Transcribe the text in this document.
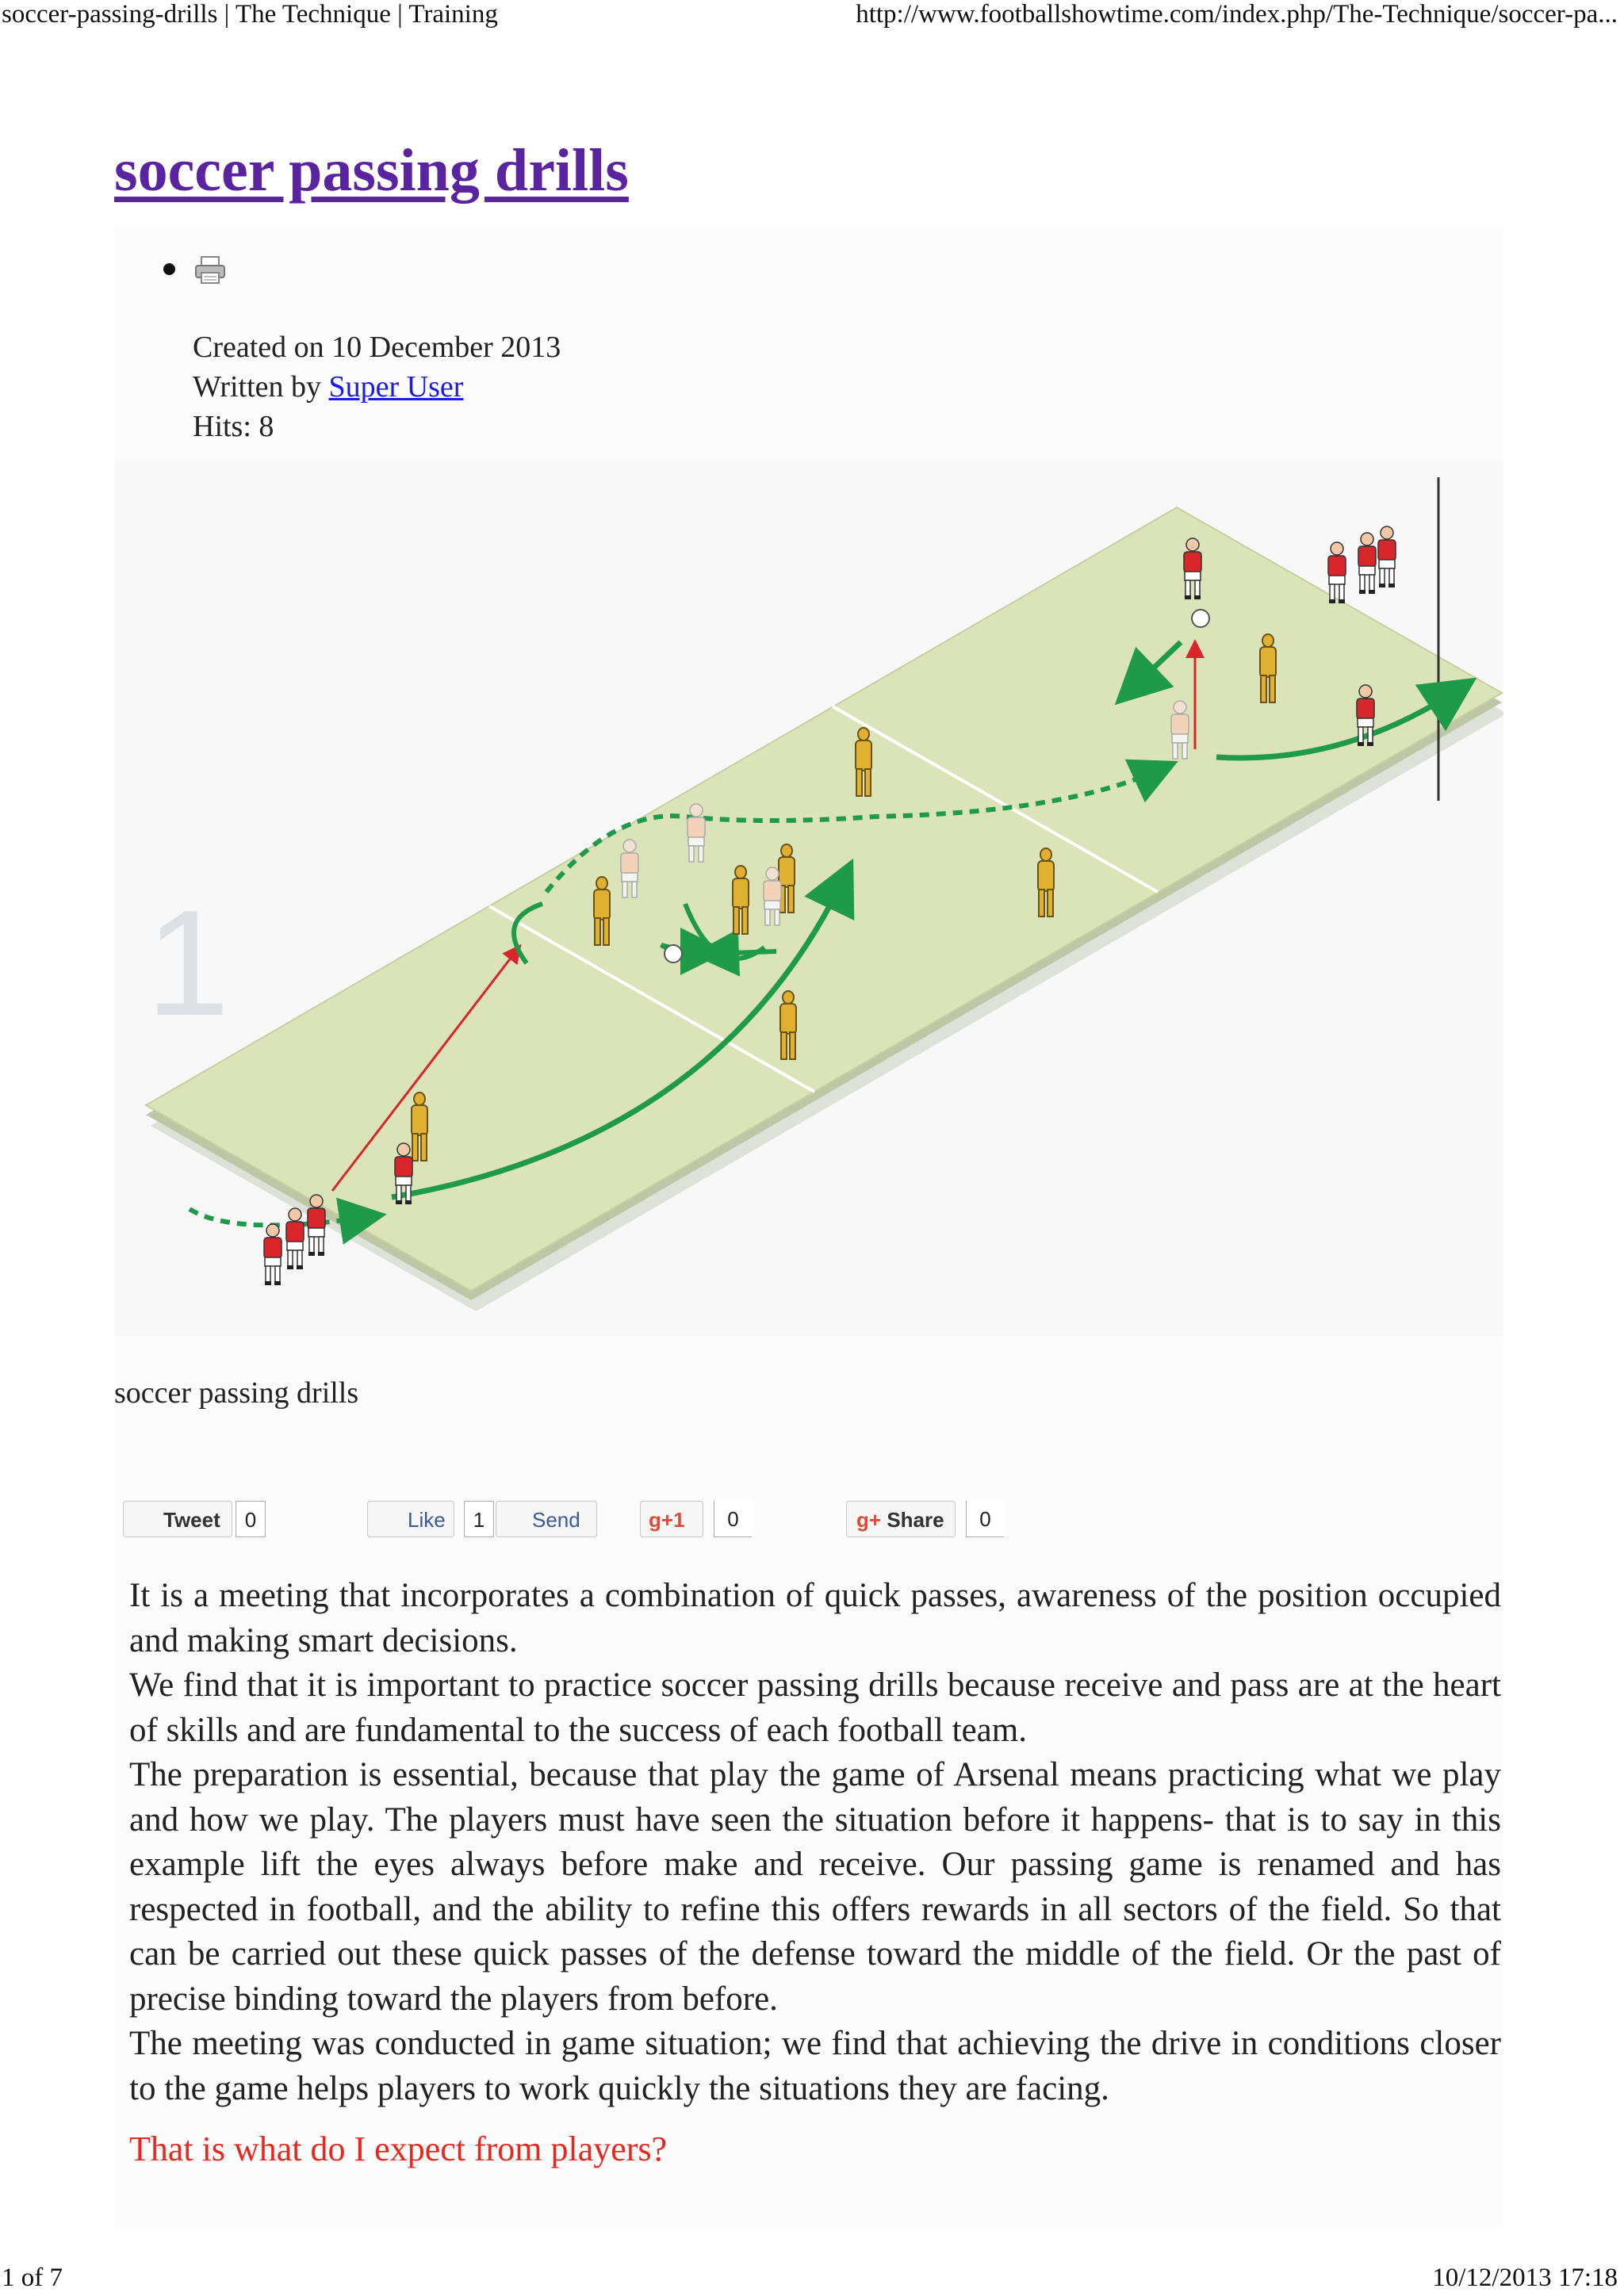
soccer-passing-drills | The Technique | Training	http://www.footballshowtime.com/index.php/The-Technique/soccer-pa...
soccer passing drills
Created on 10 December 2013
Written by Super User
Hits: 8
1
soccer passing drills
Tweet	0	Like	1	Send	g+1	0	g+ Share	0

It is a meeting that incorporates a combination of quick passes, awareness of the position occupied and making smart decisions.

We find that it is important to practice soccer passing drills because receive and pass are at the heart of skills and are fundamental to the success of each football team.

The preparation is essential, because that play the game of Arsenal means practicing what we play and how we play. The players must have seen the situation before it happens- that is to say in this example lift the eyes always before make and receive. Our passing game is renamed and has respected in football, and the ability to refine this offers rewards in all sectors of the field. So that can be carried out these quick passes of the defense toward the middle of the field. Or the past of precise binding toward the players from before.

The meeting was conducted in game situation; we find that achieving the drive in conditions closer to the game helps players to work quickly the situations they are facing.

That is what do I expect from players?
1 of 7	10/12/2013 17:18
